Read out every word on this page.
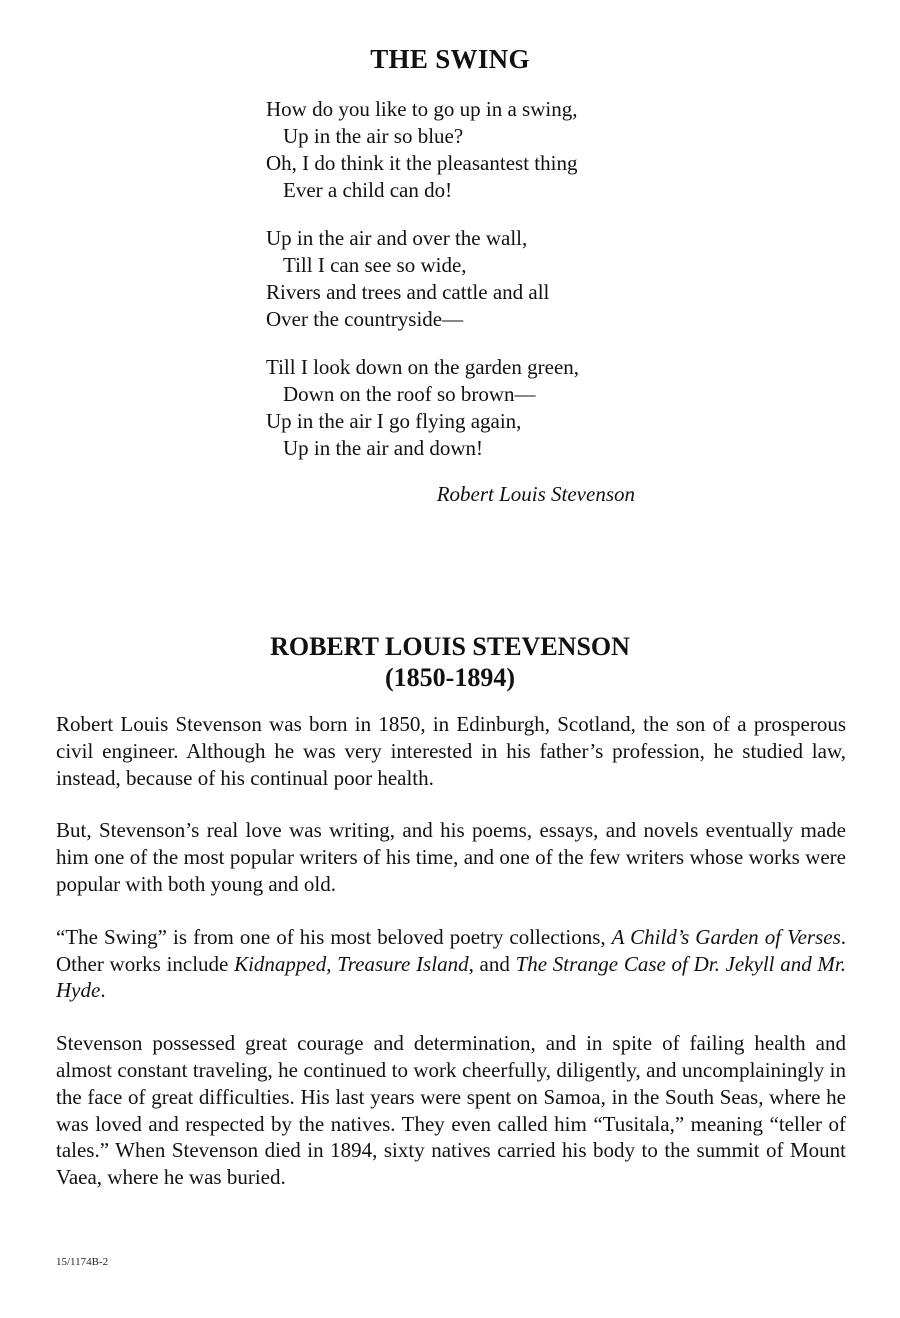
THE SWING
How do you like to go up in a swing,
Up in the air so blue?
Oh, I do think it the pleasantest thing
Ever a child can do!
Up in the air and over the wall,
Till I can see so wide,
Rivers and trees and cattle and all
Over the countryside—
Till I look down on the garden green,
Down on the roof so brown—
Up in the air I go flying again,
Up in the air and down!
Robert Louis Stevenson
ROBERT LOUIS STEVENSON
(1850-1894)

Robert Louis Stevenson was born in 1850, in Edinburgh, Scotland, the son of a prosperous civil engineer. Although he was very interested in his father’s profession, he studied law, instead, because of his continual poor health.

But, Stevenson’s real love was writing, and his poems, essays, and novels eventually made him one of the most popular writers of his time, and one of the few writers whose works were popular with both young and old.

“The Swing” is from one of his most beloved poetry collections, A Child’s Garden of Verses. Other works include Kidnapped, Treasure Island, and The Strange Case of Dr. Jekyll and Mr. Hyde.

Stevenson possessed great courage and determination, and in spite of failing health and almost constant traveling, he continued to work cheerfully, diligently, and uncomplainingly in the face of great difficulties. His last years were spent on Samoa, in the South Seas, where he was loved and respected by the natives. They even called him “Tusitala,” meaning “teller of tales.” When Stevenson died in 1894, sixty natives carried his body to the summit of Mount Vaea, where he was buried.

15/1174B-2
